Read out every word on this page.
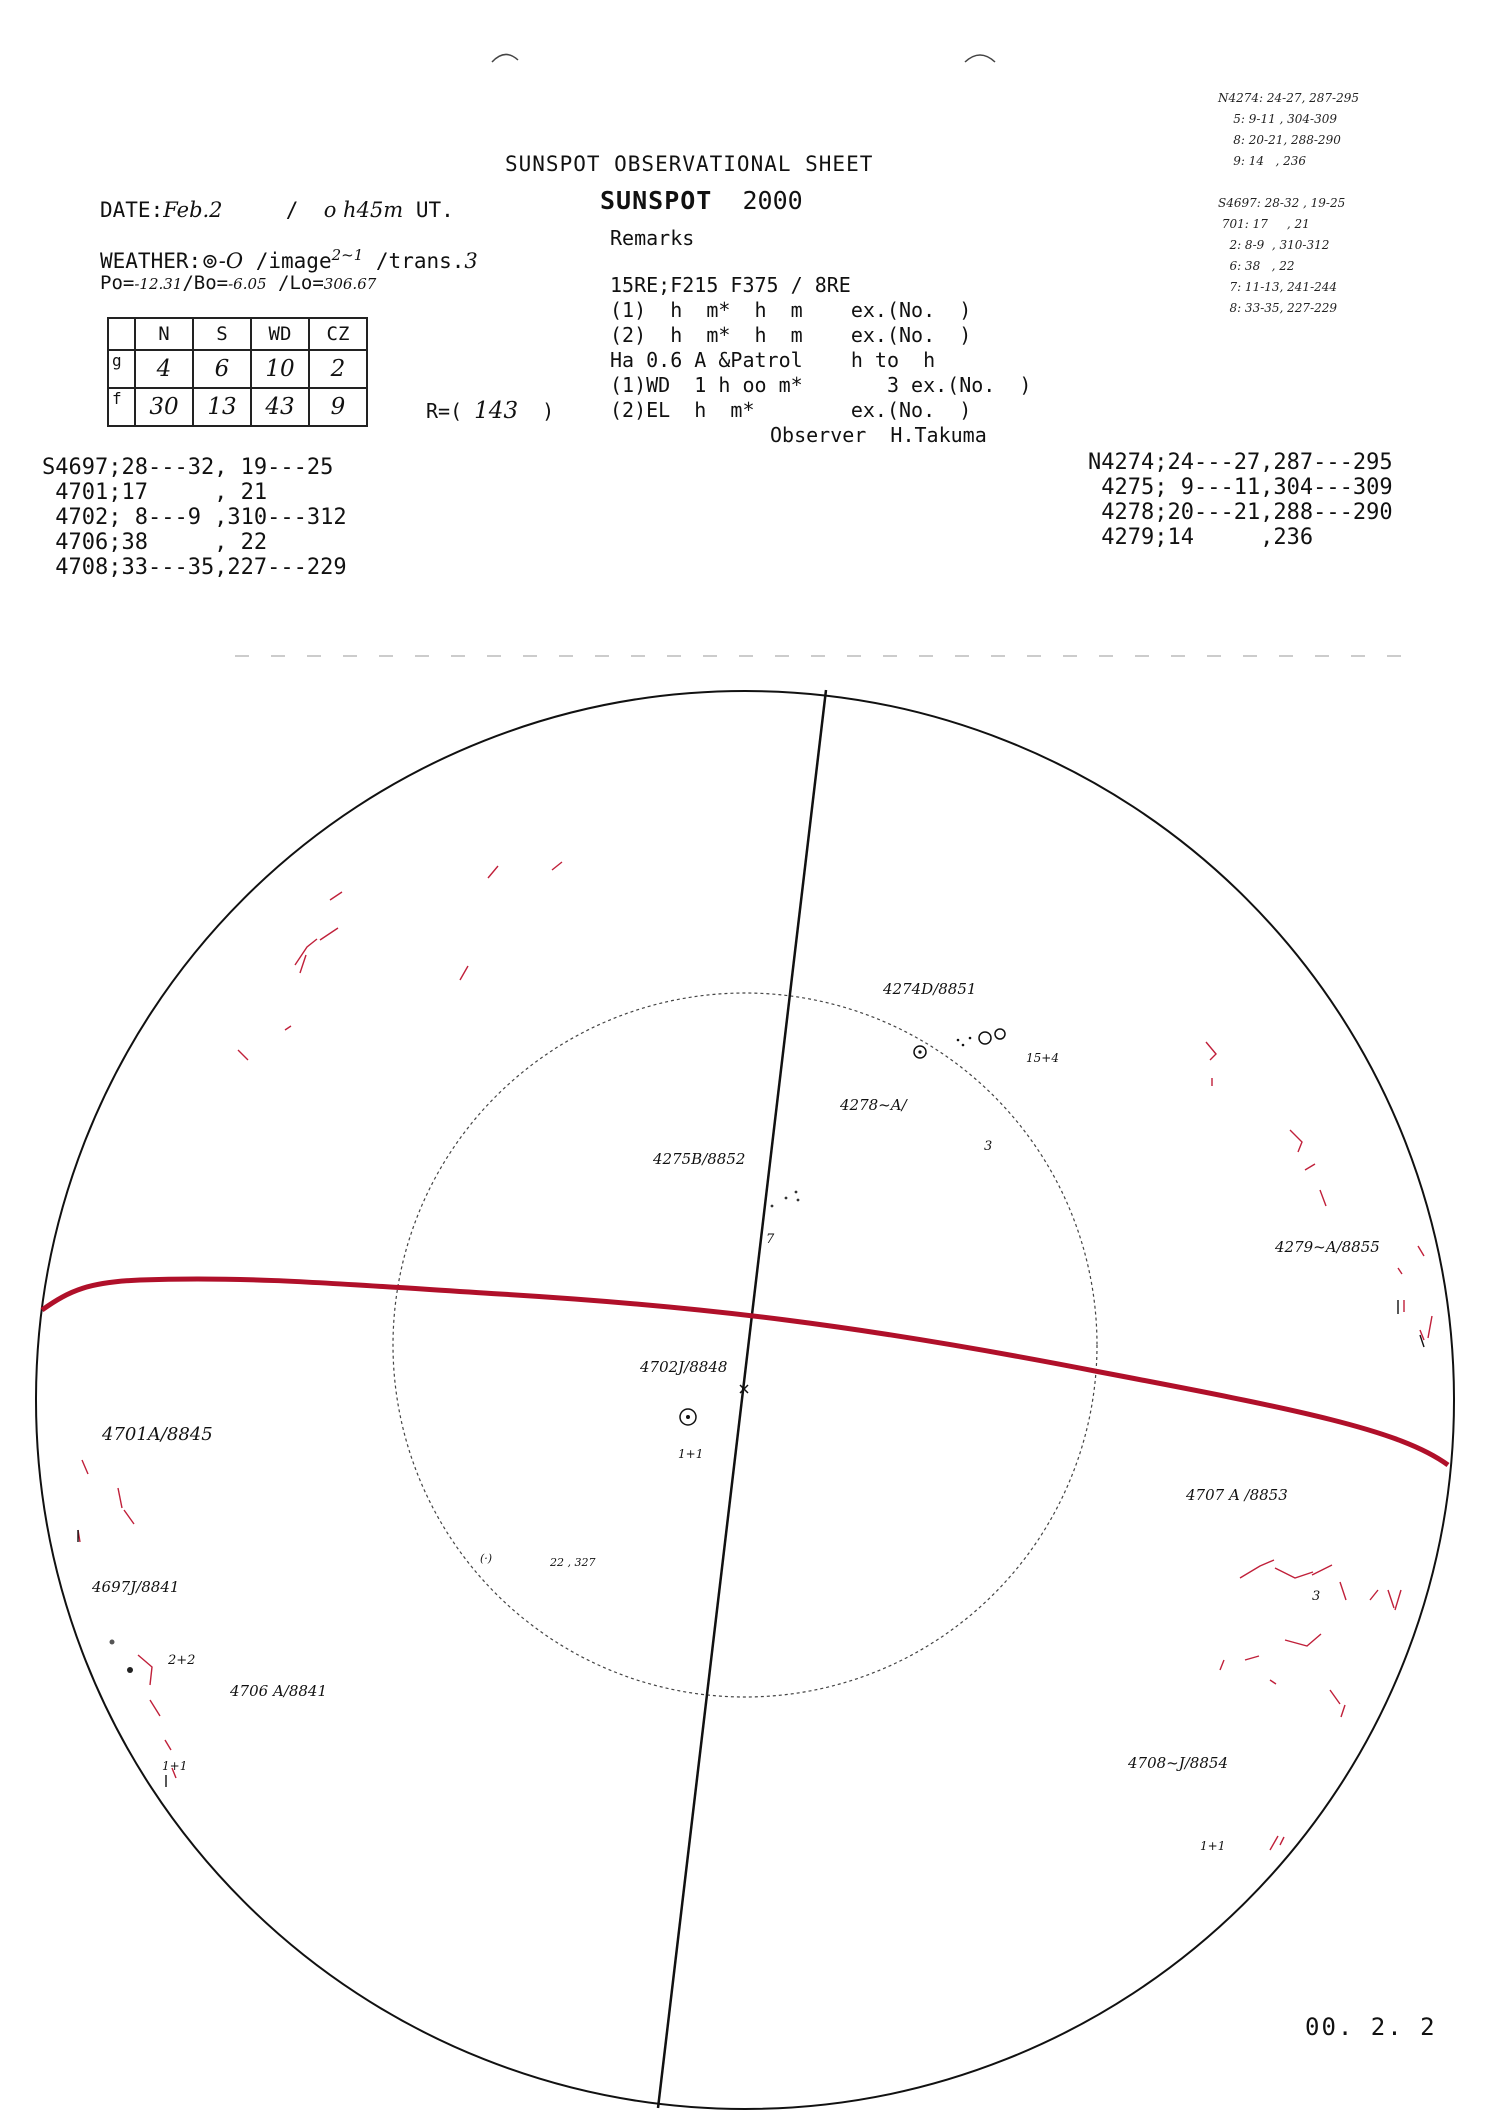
SUNSPOT OBSERVATIONAL SHEET
DATE:Feb.2	/ o h45m UT.
WEATHER:⊚-O /image$^{2\sim 1}$ /trans.3
Po=-12.31/Bo=-6.05 /Lo=306.67
SUNSPOT 2000
Remarks
15RE;F215 F375 / 8RE
(1)  h  m*  h  m    ex.(No.  )
(2)  h  m*  h  m    ex.(No.  )
Ha 0.6 A &Patrol    h to  h
(1)WD  1 h oo m*       3 ex.(No.  )
(2)EL  h  m*        ex.(No.  )
Observer H.Takuma
N4274: 24-27, 287-295
5: 9-11 , 304-309
8: 20-21, 288-290
9: 14   , 236

S4697: 28-32 , 19-25
701: 17     , 21
2: 8-9  , 310-312
6: 38   , 22
7: 11-13, 241-244
8: 33-35, 227-229
	N	S	WD	CZ
g	4	6	10	2
f	30	13	43	9	R=( 143 )
S4697;28---32, 19---25
4701;17     , 21
4702; 8---9 ,310---312
4706;38     , 22
4708;33---35,227---229
N4274;24---27,287---295
4275; 9---11,304---309
4278;20---21,288---290
4279;14     ,236
4274D/8851
15+4
4278~A/
3
4275B/8852
7	4279~A/8855
4702J/8848
1+1
4701A/8845
4707 A /8853
3
4697J/8841
2+2
4706 A/8841
1+1	4708~J/8854
1+1
22 , 327
(·)
00. 2. 2
